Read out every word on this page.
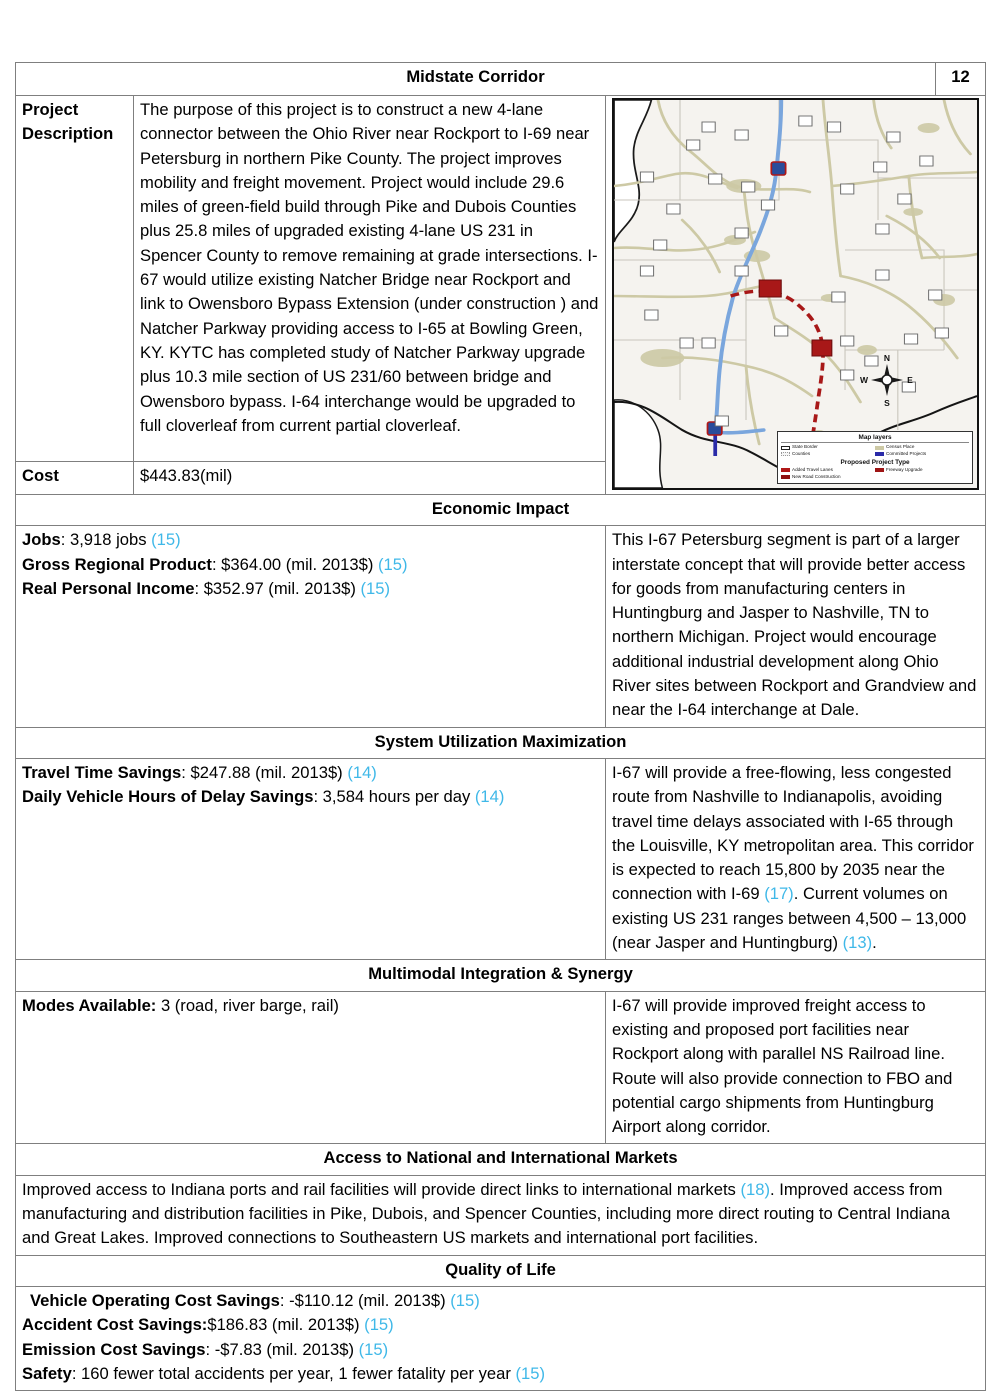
Midstate Corridor			12
Project Description	The purpose of this project is to construct a new 4-lane connector between the Ohio River near Rockport to I-69 near Petersburg in northern Pike County. The project improves mobility and freight movement. Project would include 29.6 miles of green-field build through Pike and Dubois Counties plus 25.8 miles of upgraded existing 4-lane US 231 in Spencer County to remove remaining at grade intersections. I-67 would utilize existing Natcher Bridge near Rockport and link to Owensboro Bypass Extension (under construction ) and Natcher Parkway providing access to I-65 at Bowling Green, KY. KYTC has completed study of Natcher Parkway upgrade plus 10.3 mile section of US 231/60 between bridge and Owensboro bypass. I-64 interchange would be upgraded to full cloverleaf from current partial cloverleaf.	
N
S
W	E
Map layers
State Border	Census Place
Counties	Committed Projects
Proposed Project Type
Added Travel Lanes	Freeway Upgrade
New Road Construction

Cost	$443.83(mil)		
Economic Impact			

Jobs: 3,918 jobs (15)
Gross Regional Product: $364.00 (mil. 2013$) (15)
Real Personal Income: $352.97 (mil. 2013$) (15)
	This I-67 Petersburg segment is part of a larger interstate concept that will provide better access for goods from manufacturing centers in Huntingburg and Jasper to Nashville, TN to northern Michigan. Project would encourage additional industrial development along Ohio River sites between Rockport and Grandview and near the I-64 interchange at Dale.
System Utilization Maximization			

Travel Time Savings: $247.88 (mil. 2013$) (14)
Daily Vehicle Hours of Delay Savings: 3,584 hours per day (14)		I-67 will provide a free-flowing, less congested route from Nashville to Indianapolis, avoiding travel time delays associated with I-65 through the Louisville, KY metropolitan area. This corridor is expected to reach 15,800 by 2035 near the connection with I-69 (17). Current volumes on existing US 231 ranges between 4,500 – 13,000 (near Jasper and Huntingburg) (13).	
Multimodal Integration & Synergy			
Modes Available: 3 (road, river barge, rail)		I-67 will provide improved freight access to existing and proposed port facilities near Rockport along with parallel NS Railroad line. Route will also provide connection to FBO and potential cargo shipments from Huntingburg Airport along corridor.	
Access to National and International Markets			
Improved access to Indiana ports and rail facilities will provide direct links to international markets (18). Improved access from manufacturing and distribution facilities in Pike, Dubois, and Spencer Counties, including more direct routing to Central Indiana and Great Lakes. Improved connections to Southeastern US markets and international port facilities.			
Quality of Life			

Vehicle Operating Cost Savings: -$110.12 (mil. 2013$) (15)
Accident Cost Savings:$186.83 (mil. 2013$) (15)
Emission Cost Savings: -$7.83 (mil. 2013$) (15)
Safety: 160 fewer total accidents per year, 1 fewer fatality per year (15)			
